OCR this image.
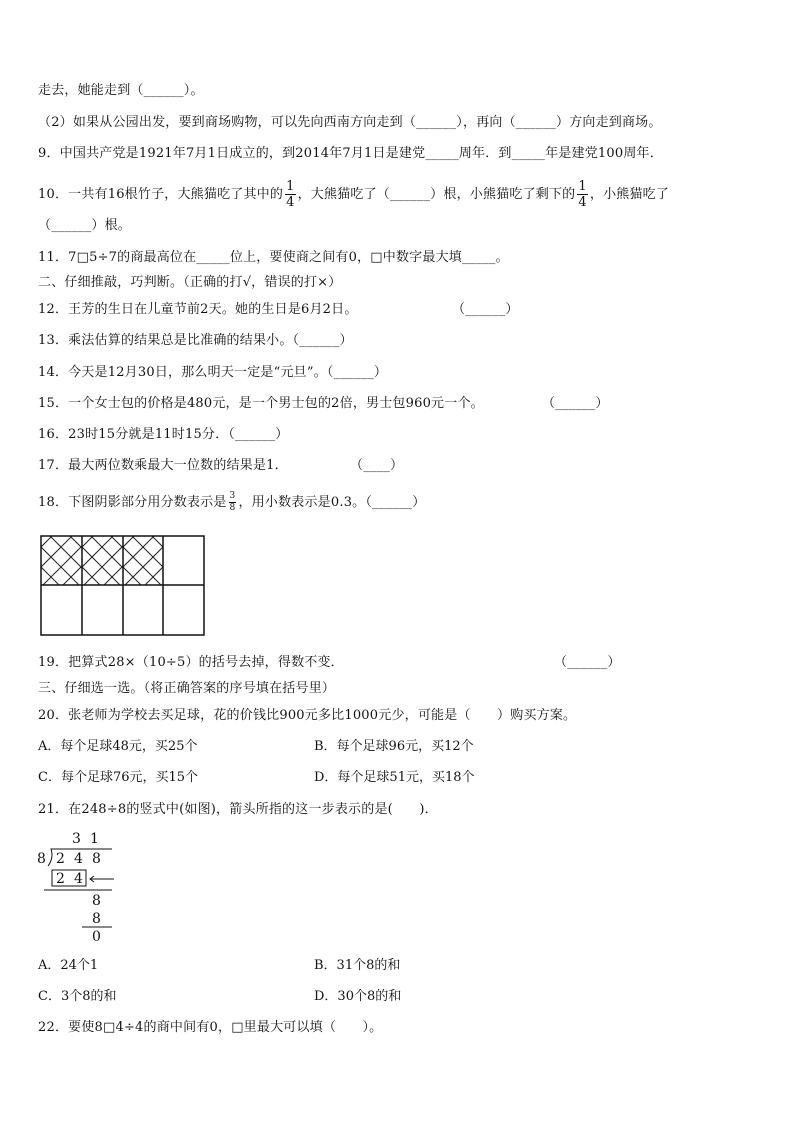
走去，她能走到（______）。
（2）如果从公园出发，要到商场购物，可以先向西南方向走到（______），再向（______）方向走到商场。
9．中国共产党是1921年7月1日成立的，到2014年7月1日是建党_____周年．到_____年是建党100周年．
10．一共有16根竹子，大熊猫吃了其中的 $\frac{1}{4}$ ，大熊猫吃了（______）根，小熊猫吃了剩下的 $\frac{1}{4}$ ，小熊猫吃了
（______）根。
11．7□5÷7的商最高位在_____位上，要使商之间有0，□中数字最大填_____。
二、仔细推敲，巧判断。（正确的打√，错误的打×）
12．王芳的生日在儿童节前2天。她的生日是6月2日。	（______）
13．乘法估算的结果总是比准确的结果小。（______）
14．今天是12月30日，那么明天一定是“元旦”。（______）
15．一个女士包的价格是480元，是一个男士包的2倍，男士包960元一个。	（______）
16．23时15分就是11时15分．（______）
17．最大两位数乘最大一位数的结果是1．	（____）
18．下图阴影部分用分数表示是 $\frac{3}{8}$ ，用小数表示是0.3。（______）
19．把算式28×（10÷5）的括号去掉，得数不变．	（______）
三、仔细选一选。（将正确答案的序号填在括号里）
20．张老师为学校去买足球，花的价钱比900元多比1000元少，可能是（　　）购买方案。
A．每个足球48元，买25个	B．每个足球96元，买12个
C．每个足球76元，买15个	D．每个足球51元，买18个
21．在248÷8的竖式中(如图)，箭头所指的这一步表示的是(　　)．
3 1
8 2 4 8
2 4
8
8
0
A．24个1	B．31个8的和
C．3个8的和	D．30个8的和
22．要使8□4÷4的商中间有0，□里最大可以填（　　）。
